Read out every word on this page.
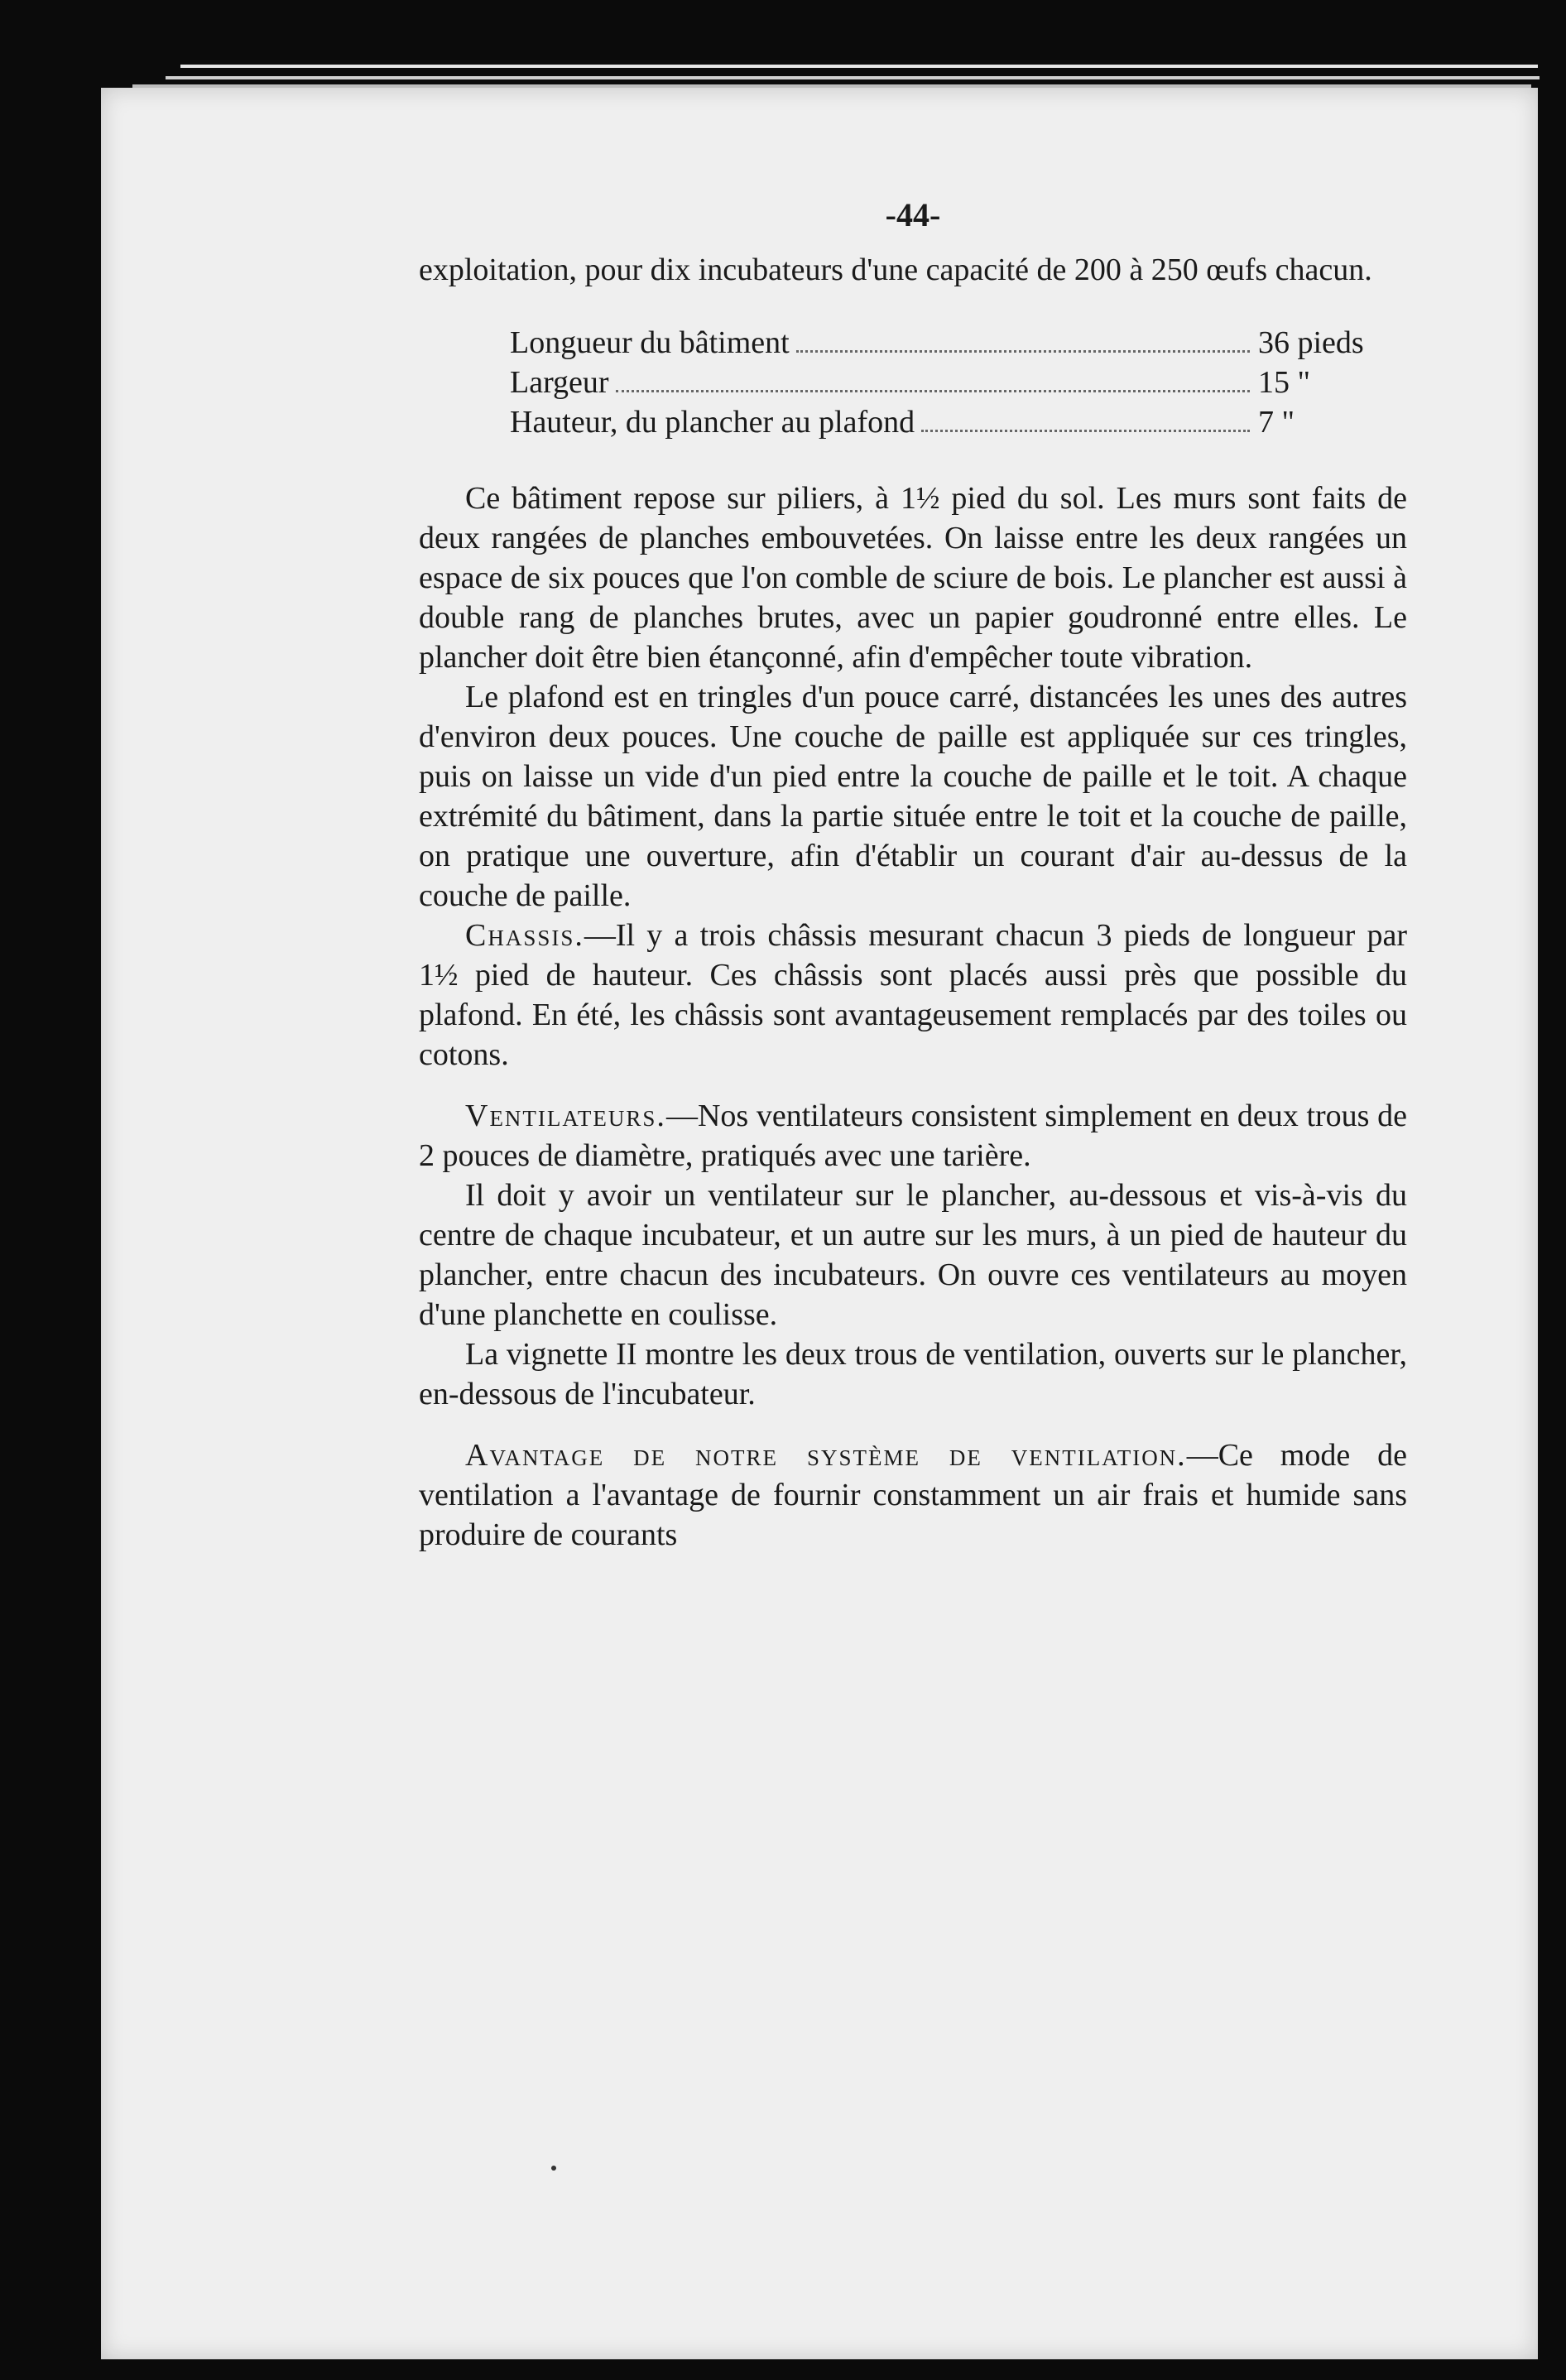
-44-

exploitation, pour dix incubateurs d'une capacité de 200 à 250 œufs chacun.

Longueur du bâtiment	36 pieds
Largeur	15 "
Hauteur, du plancher au plafond	7 "

Ce bâtiment repose sur piliers, à 1½ pied du sol. Les murs sont faits de deux rangées de planches embouvetées. On laisse entre les deux rangées un espace de six pouces que l'on comble de sciure de bois. Le plancher est aussi à double rang de planches brutes, avec un papier goudronné entre elles. Le plancher doit être bien étançonné, afin d'empêcher toute vibration.

Le plafond est en tringles d'un pouce carré, distancées les unes des autres d'environ deux pouces. Une couche de paille est appliquée sur ces tringles, puis on laisse un vide d'un pied entre la couche de paille et le toit. A chaque extrémité du bâtiment, dans la partie située entre le toit et la couche de paille, on pratique une ouverture, afin d'établir un courant d'air au-dessus de la couche de paille.

Chassis.—Il y a trois châssis mesurant chacun 3 pieds de longueur par 1½ pied de hauteur. Ces châssis sont placés aussi près que possible du plafond. En été, les châssis sont avantageusement remplacés par des toiles ou cotons.

Ventilateurs.—Nos ventilateurs consistent simplement en deux trous de 2 pouces de diamètre, pratiqués avec une tarière.

Il doit y avoir un ventilateur sur le plancher, au-dessous et vis-à-vis du centre de chaque incubateur, et un autre sur les murs, à un pied de hauteur du plancher, entre chacun des incubateurs. On ouvre ces ventilateurs au moyen d'une planchette en coulisse.

La vignette II montre les deux trous de ventilation, ouverts sur le plancher, en-dessous de l'incubateur.

Avantage de notre système de ventilation.—Ce mode de ventilation a l'avantage de fournir constamment un air frais et humide sans produire de courants
